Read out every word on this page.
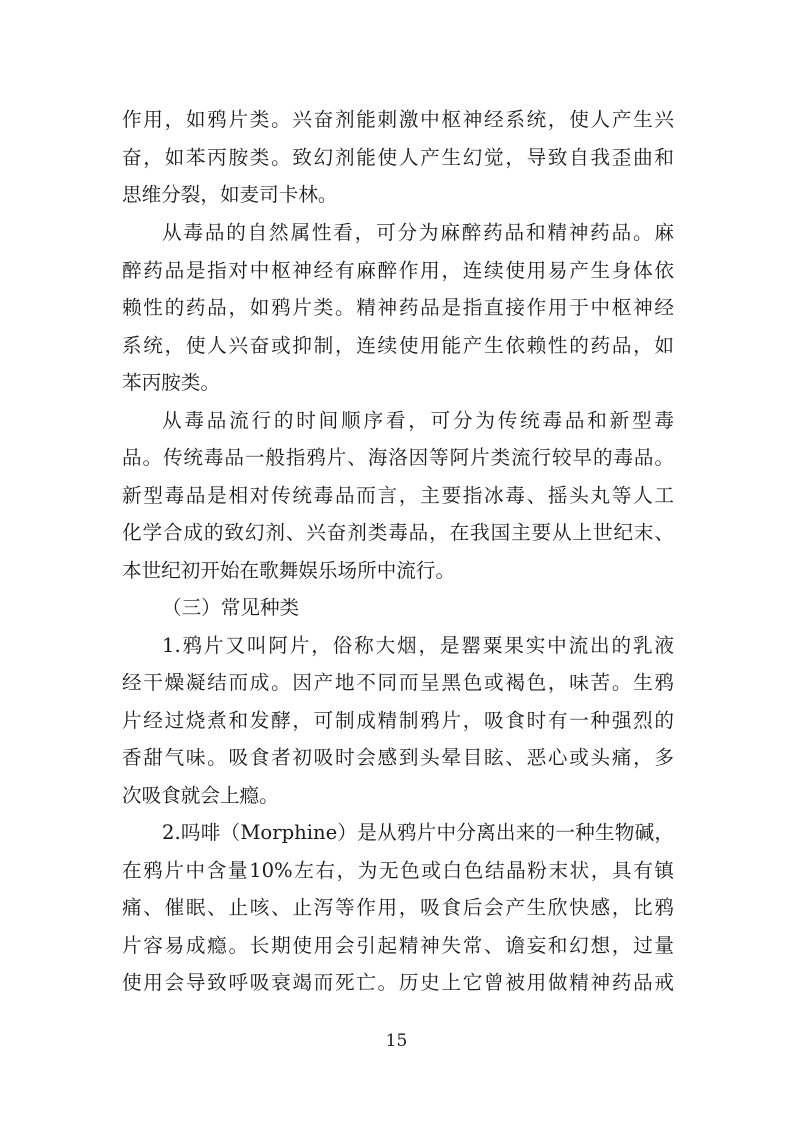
作用，如鸦片类。兴奋剂能刺激中枢神经系统，使人产生兴
奋，如苯丙胺类。致幻剂能使人产生幻觉，导致自我歪曲和
思维分裂，如麦司卡林。
从毒品的自然属性看，可分为麻醉药品和精神药品。麻
醉药品是指对中枢神经有麻醉作用，连续使用易产生身体依
赖性的药品，如鸦片类。精神药品是指直接作用于中枢神经
系统，使人兴奋或抑制，连续使用能产生依赖性的药品，如
苯丙胺类。
从毒品流行的时间顺序看，可分为传统毒品和新型毒
品。传统毒品一般指鸦片、海洛因等阿片类流行较早的毒品。
新型毒品是相对传统毒品而言，主要指冰毒、摇头丸等人工
化学合成的致幻剂、兴奋剂类毒品，在我国主要从上世纪末、
本世纪初开始在歌舞娱乐场所中流行。
（三）常见种类
1.鸦片又叫阿片，俗称大烟，是罂粟果实中流出的乳液
经干燥凝结而成。因产地不同而呈黑色或褐色，味苦。生鸦
片经过烧煮和发酵，可制成精制鸦片，吸食时有一种强烈的
香甜气味。吸食者初吸时会感到头晕目眩、恶心或头痛，多
次吸食就会上瘾。
2.吗啡（Morphine）是从鸦片中分离出来的一种生物碱，
在鸦片中含量10%左右，为无色或白色结晶粉末状，具有镇
痛、催眠、止咳、止泻等作用，吸食后会产生欣快感，比鸦
片容易成瘾。长期使用会引起精神失常、谵妄和幻想，过量
使用会导致呼吸衰竭而死亡。历史上它曾被用做精神药品戒
15
